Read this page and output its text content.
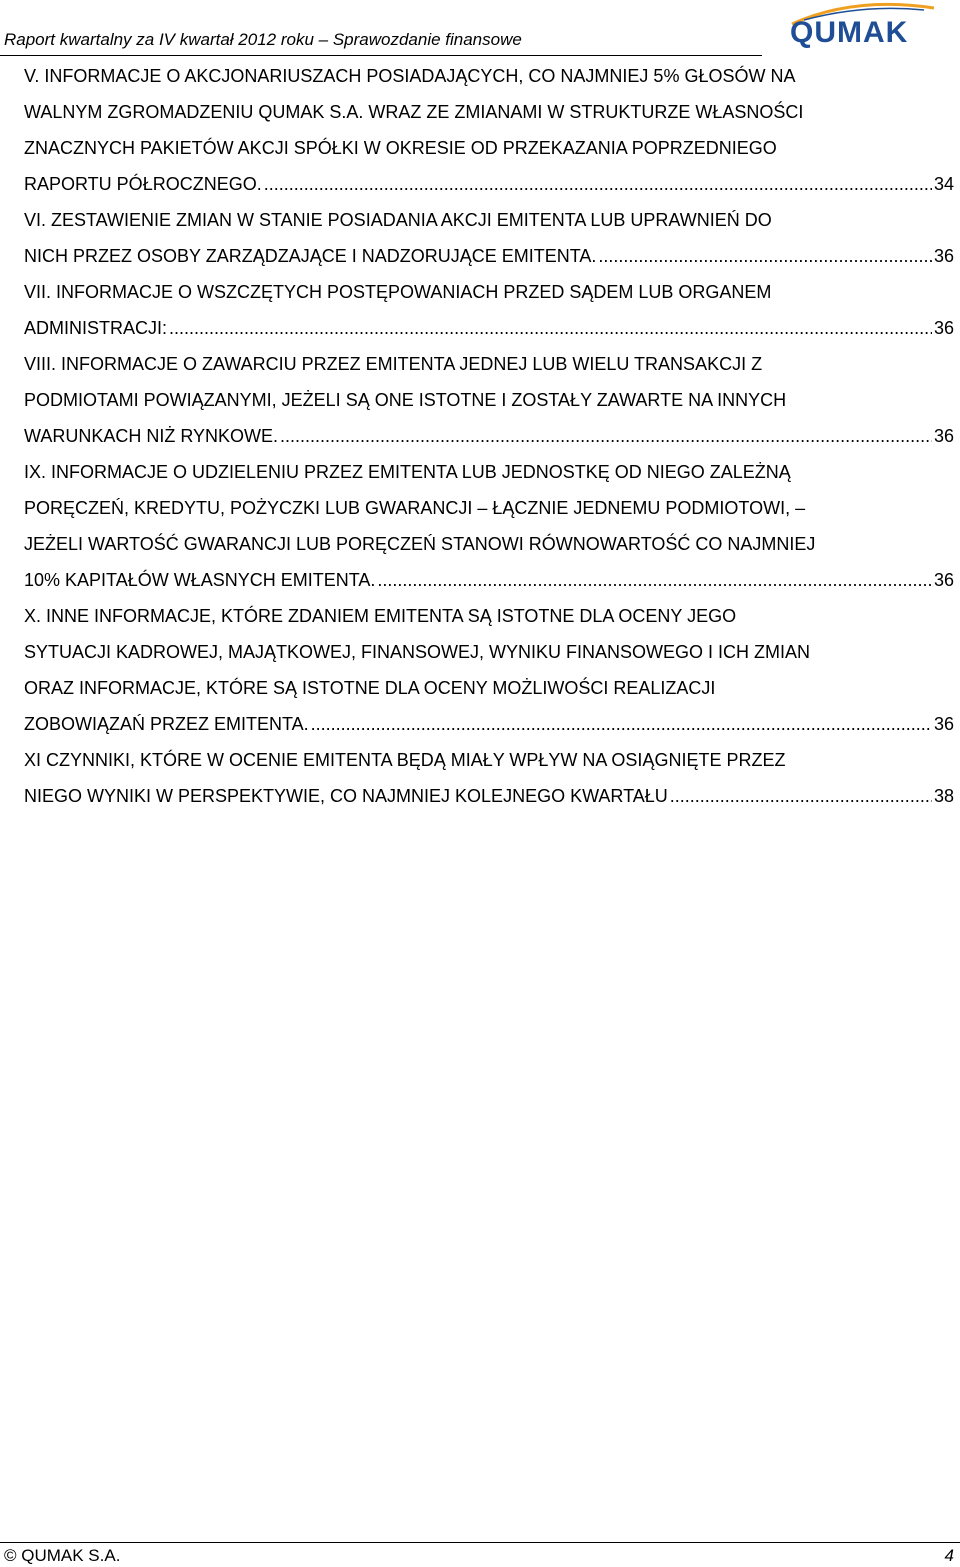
Raport kwartalny za IV kwartał 2012 roku – Sprawozdanie finansowe	QUMAK
V. INFORMACJE O AKCJONARIUSZACH POSIADAJĄCYCH, CO NAJMNIEJ 5% GŁOSÓW NA
WALNYM ZGROMADZENIU QUMAK S.A. WRAZ ZE ZMIANAMI W STRUKTURZE WŁASNOŚCI
ZNACZNYCH PAKIETÓW AKCJI SPÓŁKI W OKRESIE OD PRZEKAZANIA POPRZEDNIEGO
RAPORTU PÓŁROCZNEGO. .....	34
VI. ZESTAWIENIE ZMIAN W STANIE POSIADANIA AKCJI EMITENTA LUB UPRAWNIEŃ DO
NICH PRZEZ OSOBY ZARZĄDZAJĄCE I NADZORUJĄCE EMITENTA. .....	36
VII. INFORMACJE O WSZCZĘTYCH POSTĘPOWANIACH PRZED SĄDEM LUB ORGANEM
ADMINISTRACJI: .....	36
VIII. INFORMACJE O ZAWARCIU PRZEZ EMITENTA JEDNEJ LUB WIELU TRANSAKCJI Z
PODMIOTAMI POWIĄZANYMI, JEŻELI SĄ ONE ISTOTNE I ZOSTAŁY ZAWARTE NA INNYCH
WARUNKACH NIŻ RYNKOWE. .....	36
IX. INFORMACJE O UDZIELENIU PRZEZ EMITENTA LUB JEDNOSTKĘ OD NIEGO ZALEŻNĄ
PORĘCZEŃ, KREDYTU, POŻYCZKI LUB GWARANCJI – ŁĄCZNIE JEDNEMU PODMIOTOWI, –
JEŻELI WARTOŚĆ GWARANCJI LUB PORĘCZEŃ STANOWI RÓWNOWARTOŚĆ CO NAJMNIEJ
10% KAPITAŁÓW WŁASNYCH EMITENTA. .....	36
X. INNE INFORMACJE, KTÓRE ZDANIEM EMITENTA SĄ ISTOTNE DLA OCENY JEGO
SYTUACJI KADROWEJ, MAJĄTKOWEJ, FINANSOWEJ, WYNIKU FINANSOWEGO I ICH ZMIAN
ORAZ INFORMACJE, KTÓRE SĄ ISTOTNE DLA OCENY MOŻLIWOŚCI REALIZACJI
ZOBOWIĄZAŃ PRZEZ EMITENTA. .....	36
XI CZYNNIKI, KTÓRE W OCENIE EMITENTA BĘDĄ MIAŁY WPŁYW NA OSIĄGNIĘTE PRZEZ
NIEGO WYNIKI W PERSPEKTYWIE, CO NAJMNIEJ KOLEJNEGO KWARTAŁU .....	38
© QUMAK S.A.	4
